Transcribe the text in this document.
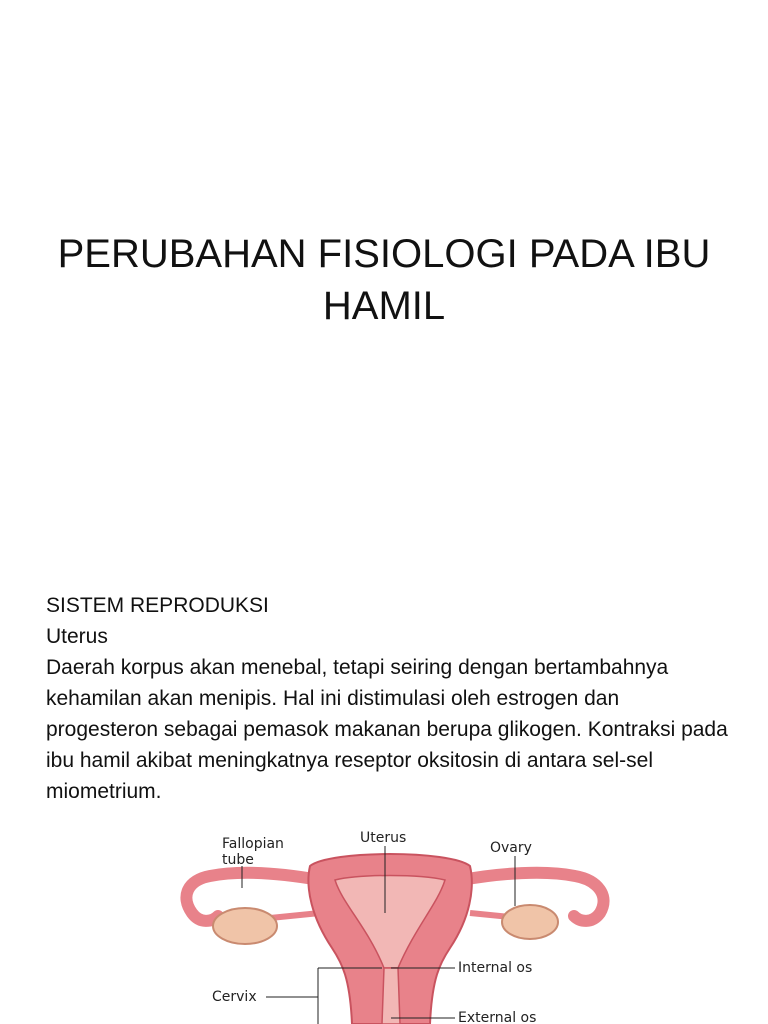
PERUBAHAN FISIOLOGI PADA IBU HAMIL

SISTEM REPRODUKSI

Uterus

Daerah korpus akan menebal, tetapi seiring dengan bertambahnya kehamilan akan menipis. Hal ini distimulasi oleh estrogen dan progesteron sebagai pemasok makanan berupa glikogen. Kontraksi pada ibu hamil akibat meningkatnya reseptor oksitosin di antara sel-sel miometrium.

Fallopian
tube
Uterus
Ovary
Internal os
Cervix
External os
